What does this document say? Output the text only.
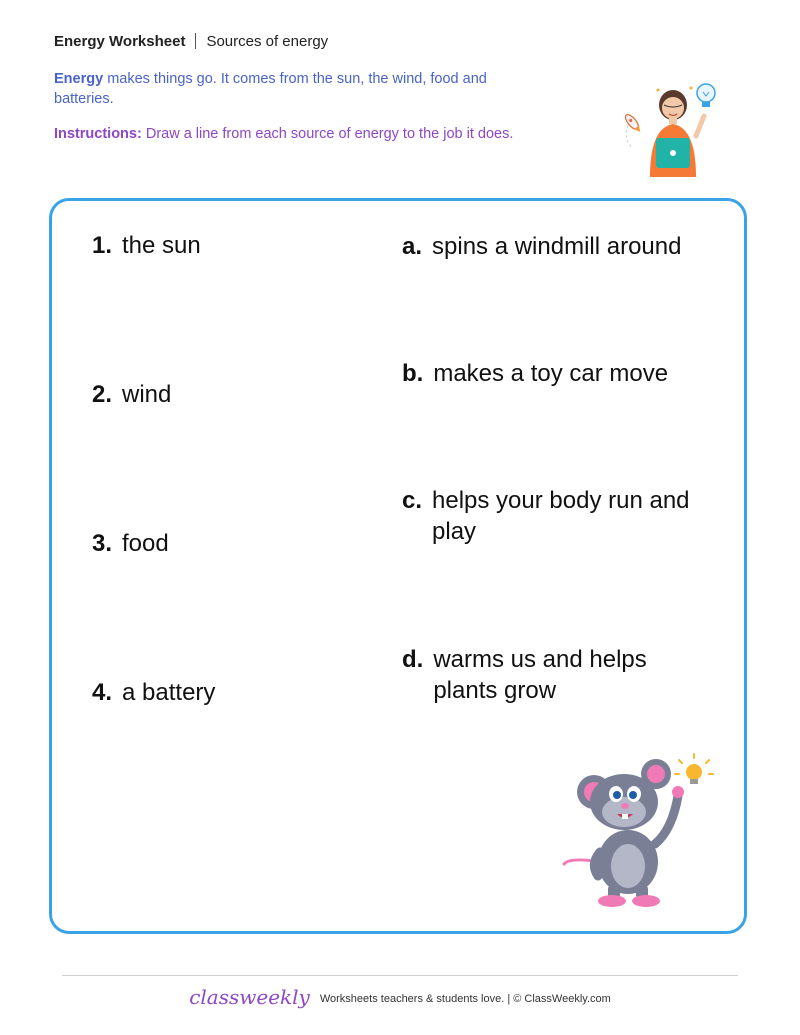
Energy Worksheet Sources of energy
Energy makes things go. It comes from the sun, the wind, food and batteries.
Instructions: Draw a line from each source of energy to the job it does.
1. the sun
2. wind
3. food
4. a battery
a. spins a windmill around
b. makes a toy car move
c. helps your body run and play
d. warms us and helps plants grow
classweekly Worksheets teachers & students love. | © ClassWeekly.com
